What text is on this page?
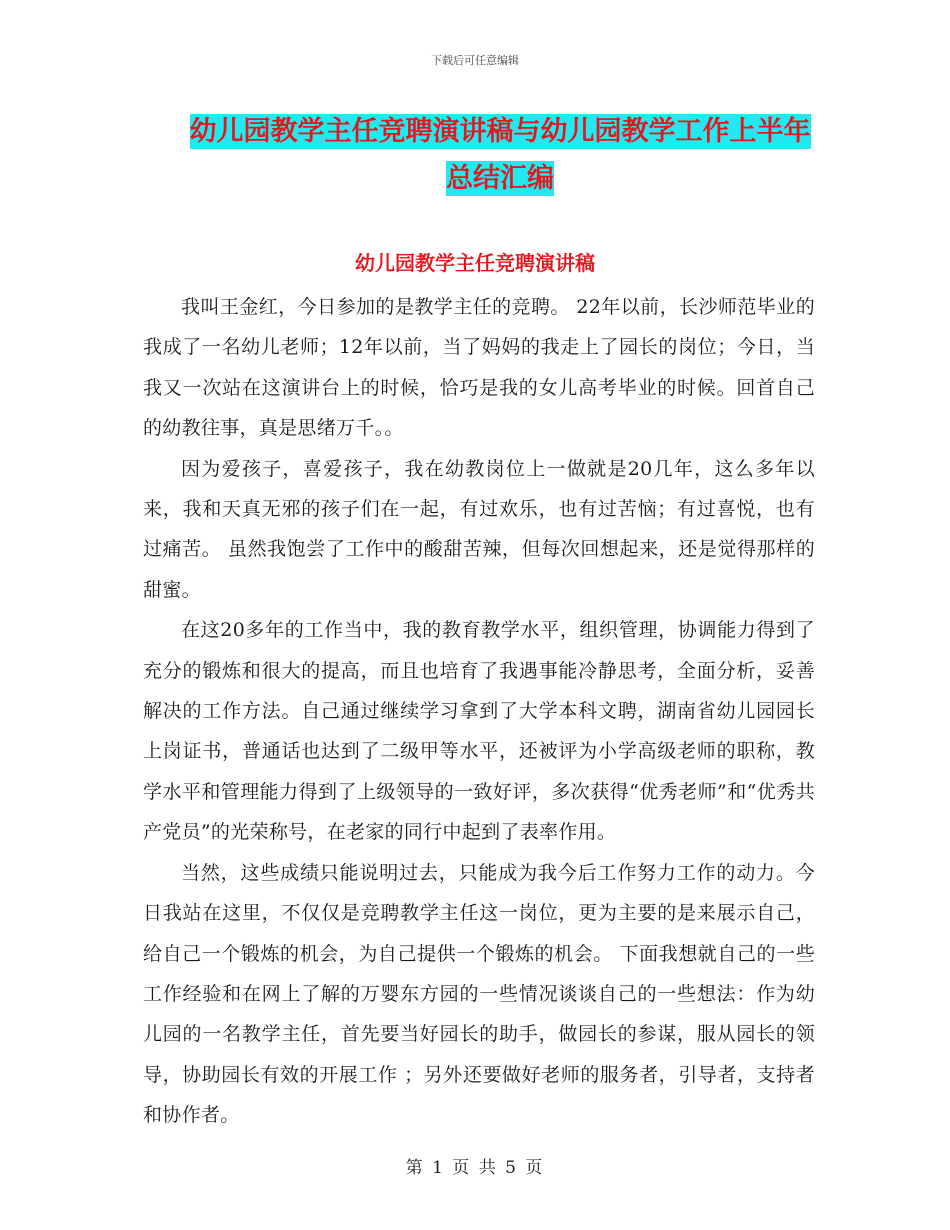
下载后可任意编辑
幼儿园教学主任竞聘演讲稿与幼儿园教学工作上半年
总结汇编
幼儿园教学主任竞聘演讲稿

我叫王金红，今日参加的是教学主任的竞聘。 22年以前，长沙师范毕业的我成了一名幼儿老师；12年以前，当了妈妈的我走上了园长的岗位；今日，当我又一次站在这演讲台上的时候，恰巧是我的女儿高考毕业的时候。回首自己的幼教往事，真是思绪万千。。

因为爱孩子，喜爱孩子，我在幼教岗位上一做就是20几年，这么多年以来，我和天真无邪的孩子们在一起，有过欢乐，也有过苦恼；有过喜悦，也有过痛苦。 虽然我饱尝了工作中的酸甜苦辣，但每次回想起来，还是觉得那样的甜蜜。

在这20多年的工作当中，我的教育教学水平，组织管理，协调能力得到了充分的锻炼和很大的提高，而且也培育了我遇事能冷静思考，全面分析，妥善解决的工作方法。自己通过继续学习拿到了大学本科文聘，湖南省幼儿园园长上岗证书，普通话也达到了二级甲等水平，还被评为小学高级老师的职称，教学水平和管理能力得到了上级领导的一致好评，多次获得“优秀老师”和“优秀共产党员”的光荣称号，在老家的同行中起到了表率作用。

当然，这些成绩只能说明过去，只能成为我今后工作努力工作的动力。今日我站在这里，不仅仅是竞聘教学主任这一岗位，更为主要的是来展示自己，给自己一个锻炼的机会，为自己提供一个锻炼的机会。 下面我想就自己的一些工作经验和在网上了解的万婴东方园的一些情况谈谈自己的一些想法：作为幼儿园的一名教学主任，首先要当好园长的助手，做园长的参谋，服从园长的领导，协助园长有效的开展工作 ；另外还要做好老师的服务者，引导者，支持者和协作者。

第 1 页 共 5 页
